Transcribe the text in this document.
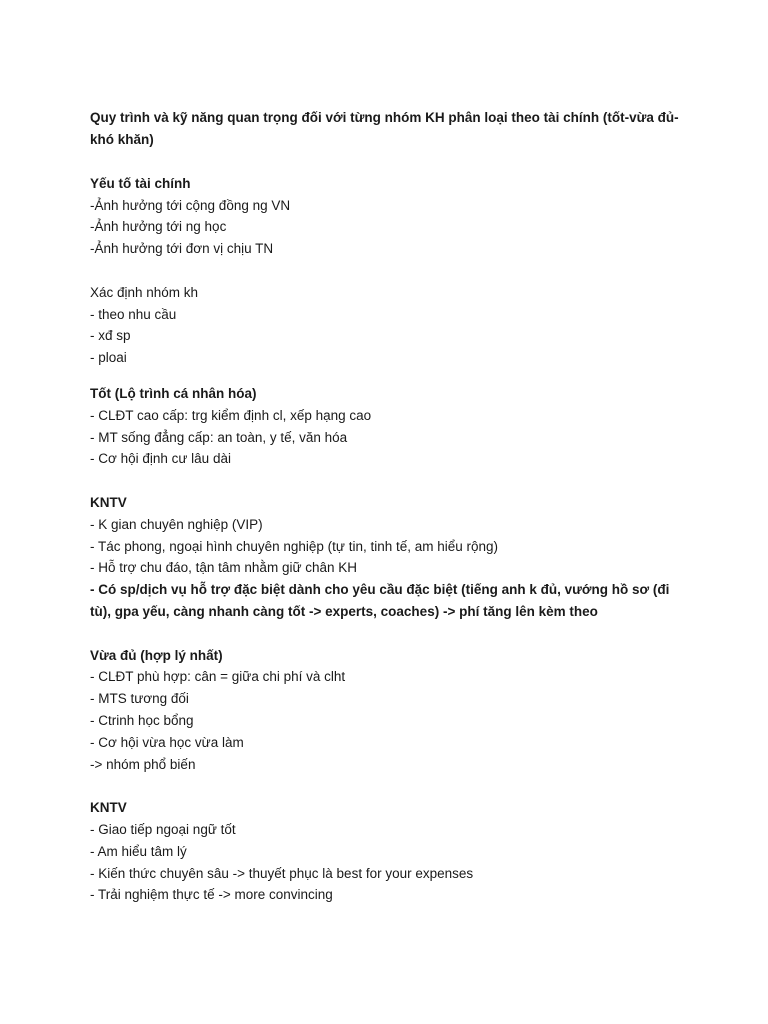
Quy trình và kỹ năng quan trọng đối với từng nhóm KH phân loại theo tài chính (tốt-vừa đủ-khó khăn)

Yếu tố tài chính

-Ảnh hưởng tới cộng đồng ng VN

-Ảnh hưởng tới ng học

-Ảnh hưởng tới đơn vị chịu TN

Xác định nhóm kh

- theo nhu cầu

- xđ sp

- ploai

Tốt (Lộ trình cá nhân hóa)

- CLĐT cao cấp: trg kiểm định cl, xếp hạng cao

- MT sống đẳng cấp: an toàn, y tế, văn hóa

- Cơ hội định cư lâu dài

KNTV

- K gian chuyên nghiệp (VIP)

- Tác phong, ngoại hình chuyên nghiệp (tự tin, tinh tế, am hiểu rộng)

- Hỗ trợ chu đáo, tận tâm nhằm giữ chân KH

- Có sp/dịch vụ hỗ trợ đặc biệt dành cho yêu cầu đặc biệt (tiếng anh k đủ, vướng hồ sơ (đi tù), gpa yếu, càng nhanh càng tốt -> experts, coaches) -> phí tăng lên kèm theo

Vừa đủ (hợp lý nhất)

- CLĐT phù hợp: cân = giữa chi phí và clht

- MTS tương đối

- Ctrinh học bổng

- Cơ hội vừa học vừa làm

-> nhóm phổ biến

KNTV

- Giao tiếp ngoại ngữ tốt

- Am hiểu tâm lý

- Kiến thức chuyên sâu -> thuyết phục là best for your expenses

- Trải nghiệm thực tế -> more convincing
